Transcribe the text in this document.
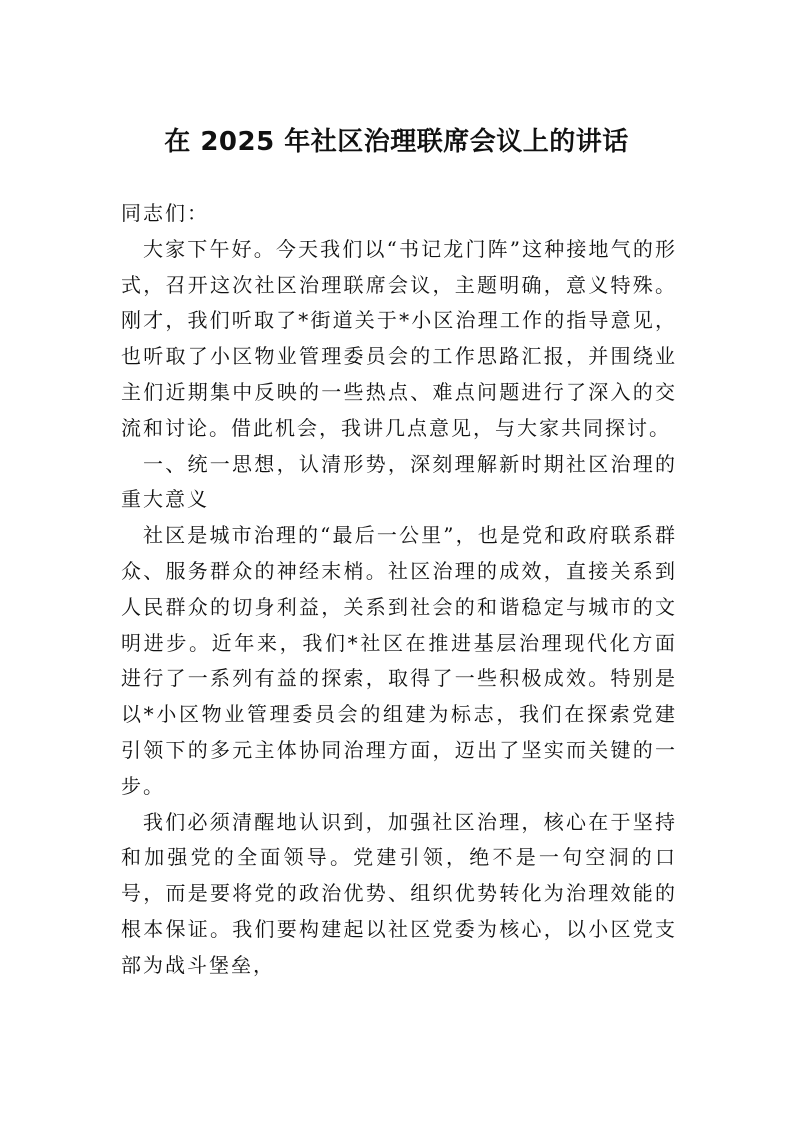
在 2025 年社区治理联席会议上的讲话

同志们：

大家下午好。今天我们以“书记龙门阵”这种接地气的形式，召开这次社区治理联席会议，主题明确，意义特殊。刚才，我们听取了*街道关于*小区治理工作的指导意见，也听取了小区物业管理委员会的工作思路汇报，并围绕业主们近期集中反映的一些热点、难点问题进行了深入的交流和讨论。借此机会，我讲几点意见，与大家共同探讨。

一、统一思想，认清形势，深刻理解新时期社区治理的重大意义

社区是城市治理的“最后一公里”，也是党和政府联系群众、服务群众的神经末梢。社区治理的成效，直接关系到人民群众的切身利益，关系到社会的和谐稳定与城市的文明进步。近年来，我们*社区在推进基层治理现代化方面进行了一系列有益的探索，取得了一些积极成效。特别是以*小区物业管理委员会的组建为标志，我们在探索党建引领下的多元主体协同治理方面，迈出了坚实而关键的一步。

我们必须清醒地认识到，加强社区治理，核心在于坚持和加强党的全面领导。党建引领，绝不是一句空洞的口号，而是要将党的政治优势、组织优势转化为治理效能的根本保证。我们要构建起以社区党委为核心，以小区党支部为战斗堡垒，
